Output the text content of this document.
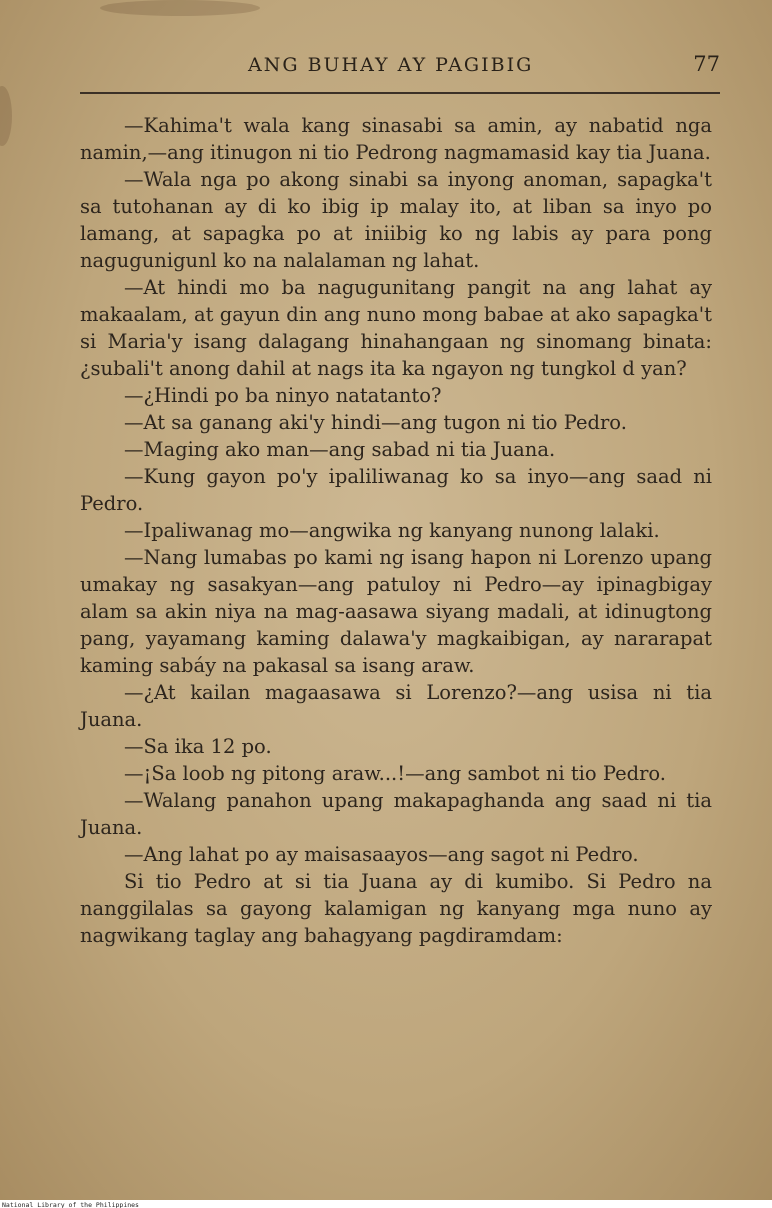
ANG BUHAY AY PAGIBIG	77

—Kahima't wala kang sinasabi sa amin, ay nabatid nga namin,—ang itinugon ni tio Pedrong nagmamasid kay tia Juana.

—Wala nga po akong sinabi sa inyong anoman, sapagka't sa tutohanan ay di ko ibig ip malay ito, at liban sa inyo po lamang, at sapagka po at iniibig ko ng labis ay para pong nagugunigunl ko na nalalaman ng lahat.

—At hindi mo ba nagugunitang pangit na ang lahat ay makaalam, at gayun din ang nuno mong babae at ako sapagka't si Maria'y isang dalagang hinahangaan ng sinomang binata: ¿subali't anong dahil at nags ita ka ngayon ng tungkol d yan?

—¿Hindi po ba ninyo natatanto?

—At sa ganang aki'y hindi—ang tugon ni tio Pedro.

—Maging ako man—ang sabad ni tia Juana.

—Kung gayon po'y ipaliliwanag ko sa inyo—ang saad ni Pedro.

—Ipaliwanag mo—angwika ng kanyang nunong lalaki.

—Nang lumabas po kami ng isang hapon ni Lorenzo upang umakay ng sasakyan—ang patuloy ni Pedro—ay ipinagbigay alam sa akin niya na mag-aasawa siyang madali, at idinugtong pang, yayamang kaming dalawa'y magkaibigan, ay nararapat kaming sabáy na pakasal sa isang araw.

—¿At kailan magaasawa si Lorenzo?—ang usisa ni tia Juana.

—Sa ika 12 po.

—¡Sa loob ng pitong araw...!—ang sambot ni tio Pedro.

—Walang panahon upang makapaghanda ang saad ni tia Juana.

—Ang lahat po ay maisasaayos—ang sagot ni Pedro.

Si tio Pedro at si tia Juana ay di kumibo. Si Pedro na nanggilalas sa gayong kalamigan ng kanyang mga nuno ay nagwikang taglay ang bahagyang pagdiramdam:

National Library of the Philippines
